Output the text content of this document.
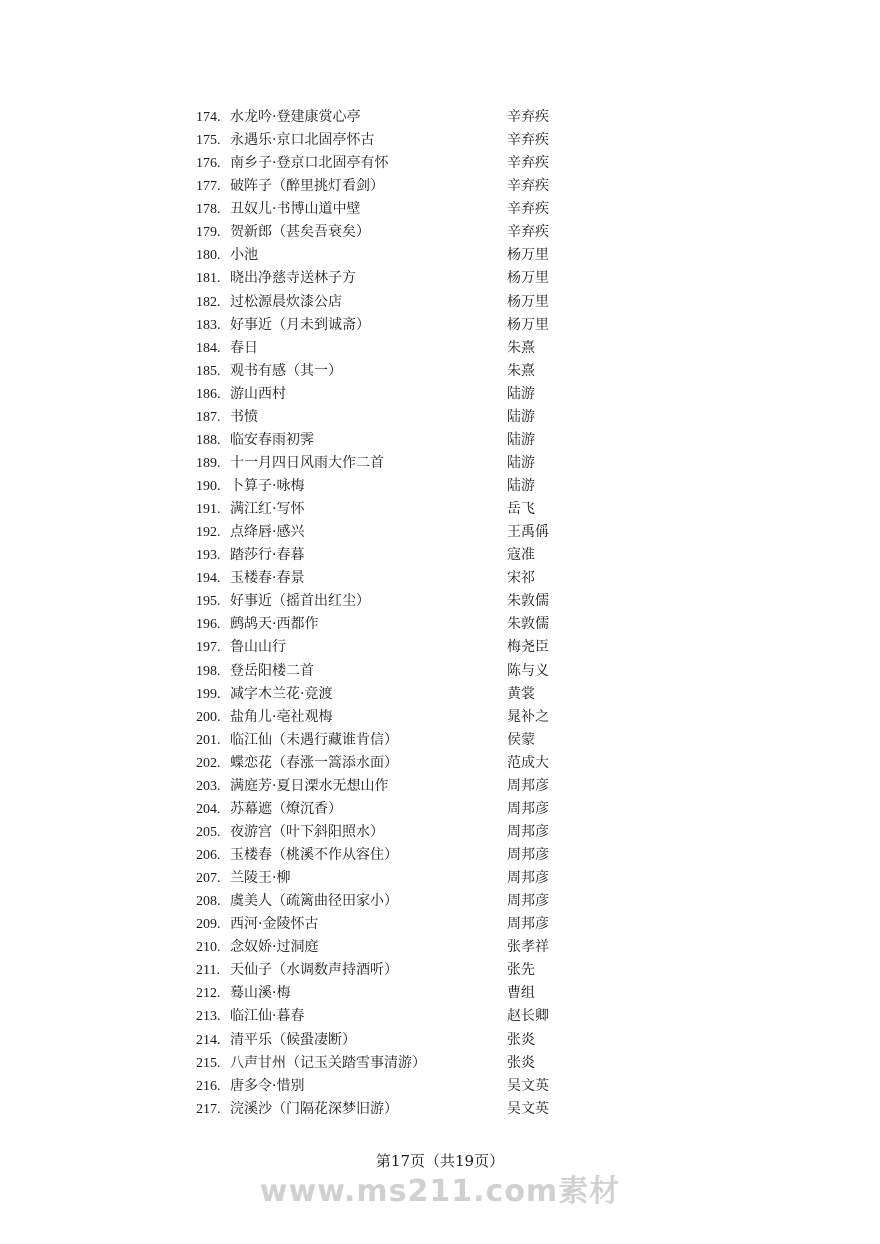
174. 水龙吟·登建康赏心亭	辛弃疾
175. 永遇乐·京口北固亭怀古	辛弃疾
176. 南乡子·登京口北固亭有怀	辛弃疾
177. 破阵子（醉里挑灯看剑）	辛弃疾
178. 丑奴儿·书博山道中壁	辛弃疾
179. 贺新郎（甚矣吾衰矣）	辛弃疾
180. 小池	杨万里
181. 晓出净慈寺送林子方	杨万里
182. 过松源晨炊漆公店	杨万里
183. 好事近（月未到诚斋）	杨万里
184. 春日	朱熹
185. 观书有感（其一）	朱熹
186. 游山西村	陆游
187. 书愤	陆游
188. 临安春雨初霁	陆游
189. 十一月四日风雨大作二首	陆游
190. 卜算子·咏梅	陆游
191. 满江红·写怀	岳飞
192. 点绛唇·感兴	王禹偁
193. 踏莎行·春暮	寇准
194. 玉楼春·春景	宋祁
195. 好事近（摇首出红尘）	朱敦儒
196. 鹧鸪天·西都作	朱敦儒
197. 鲁山山行	梅尧臣
198. 登岳阳楼二首	陈与义
199. 减字木兰花·竞渡	黄裳
200. 盐角儿·亳社观梅	晁补之
201. 临江仙（未遇行藏谁肯信）	侯蒙
202. 蝶恋花（春涨一篙添水面）	范成大
203. 满庭芳·夏日溧水无想山作	周邦彦
204. 苏幕遮（燎沉香）	周邦彦
205. 夜游宫（叶下斜阳照水）	周邦彦
206. 玉楼春（桃溪不作从容住）	周邦彦
207. 兰陵王·柳	周邦彦
208. 虞美人（疏篱曲径田家小）	周邦彦
209. 西河·金陵怀古	周邦彦
210. 念奴娇·过洞庭	张孝祥
211. 天仙子（水调数声持酒听）	张先
212. 蓦山溪·梅	曹组
213. 临江仙·暮春	赵长卿
214. 清平乐（候蛩凄断）	张炎
215. 八声甘州（记玉关踏雪事清游）	张炎
216. 唐多令·惜别	吴文英
217. 浣溪沙（门隔花深梦旧游）	吴文英
第17页（共19页）
www.ms211.com素材
